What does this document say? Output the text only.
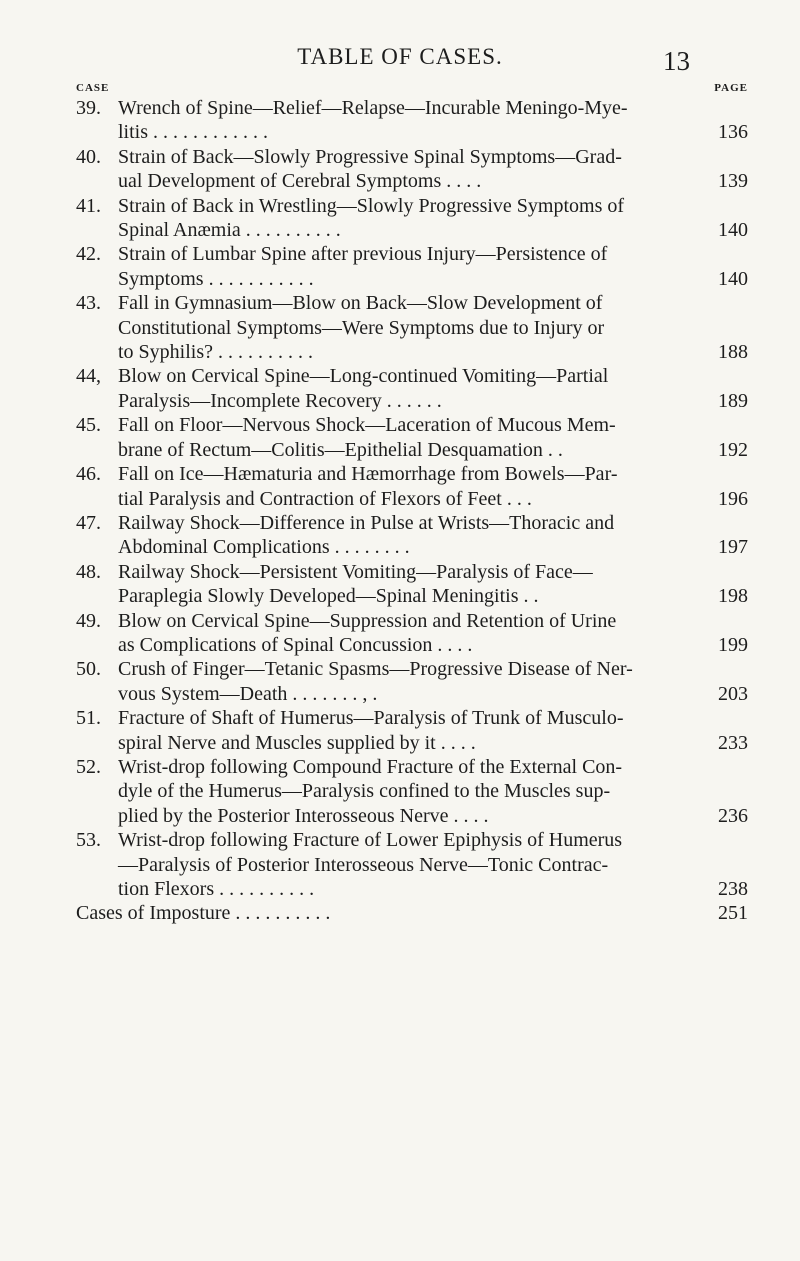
TABLE OF CASES.	13
CASE	PAGE
39. Wrench of Spine—Relief—Relapse—Incurable Meningo-Mye-
litis . . . . . . . . . . . .	136
40. Strain of Back—Slowly Progressive Spinal Symptoms—Grad-
ual Development of Cerebral Symptoms . . . .	139
41. Strain of Back in Wrestling—Slowly Progressive Symptoms of
Spinal Anæmia . . . . . . . . . .	140
42. Strain of Lumbar Spine after previous Injury—Persistence of
Symptoms . . . . . . . . . . .	140
43. Fall in Gymnasium—Blow on Back—Slow Development of
Constitutional Symptoms—Were Symptoms due to Injury or
to Syphilis? . . . . . . . . . .	188
44, Blow on Cervical Spine—Long-continued Vomiting—Partial
Paralysis—Incomplete Recovery . . . . . .	189
45. Fall on Floor—Nervous Shock—Laceration of Mucous Mem-
brane of Rectum—Colitis—Epithelial Desquamation . .	192
46. Fall on Ice—Hæmaturia and Hæmorrhage from Bowels—Par-
tial Paralysis and Contraction of Flexors of Feet . . .	196
47. Railway Shock—Difference in Pulse at Wrists—Thoracic and
Abdominal Complications . . . . . . . .	197
48. Railway Shock—Persistent Vomiting—Paralysis of Face—
Paraplegia Slowly Developed—Spinal Meningitis . .	198
49. Blow on Cervical Spine—Suppression and Retention of Urine
as Complications of Spinal Concussion . . . .	199
50. Crush of Finger—Tetanic Spasms—Progressive Disease of Ner-
vous System—Death . . . . . . . , .	203
51. Fracture of Shaft of Humerus—Paralysis of Trunk of Musculo-
spiral Nerve and Muscles supplied by it . . . .	233
52. Wrist-drop following Compound Fracture of the External Con-
dyle of the Humerus—Paralysis confined to the Muscles sup-
plied by the Posterior Interosseous Nerve . . . .	236
53. Wrist-drop following Fracture of Lower Epiphysis of Humerus
—Paralysis of Posterior Interosseous Nerve—Tonic Contrac-
tion Flexors . . . . . . . . . .	238
Cases of Imposture . . . . . . . . . .	251
